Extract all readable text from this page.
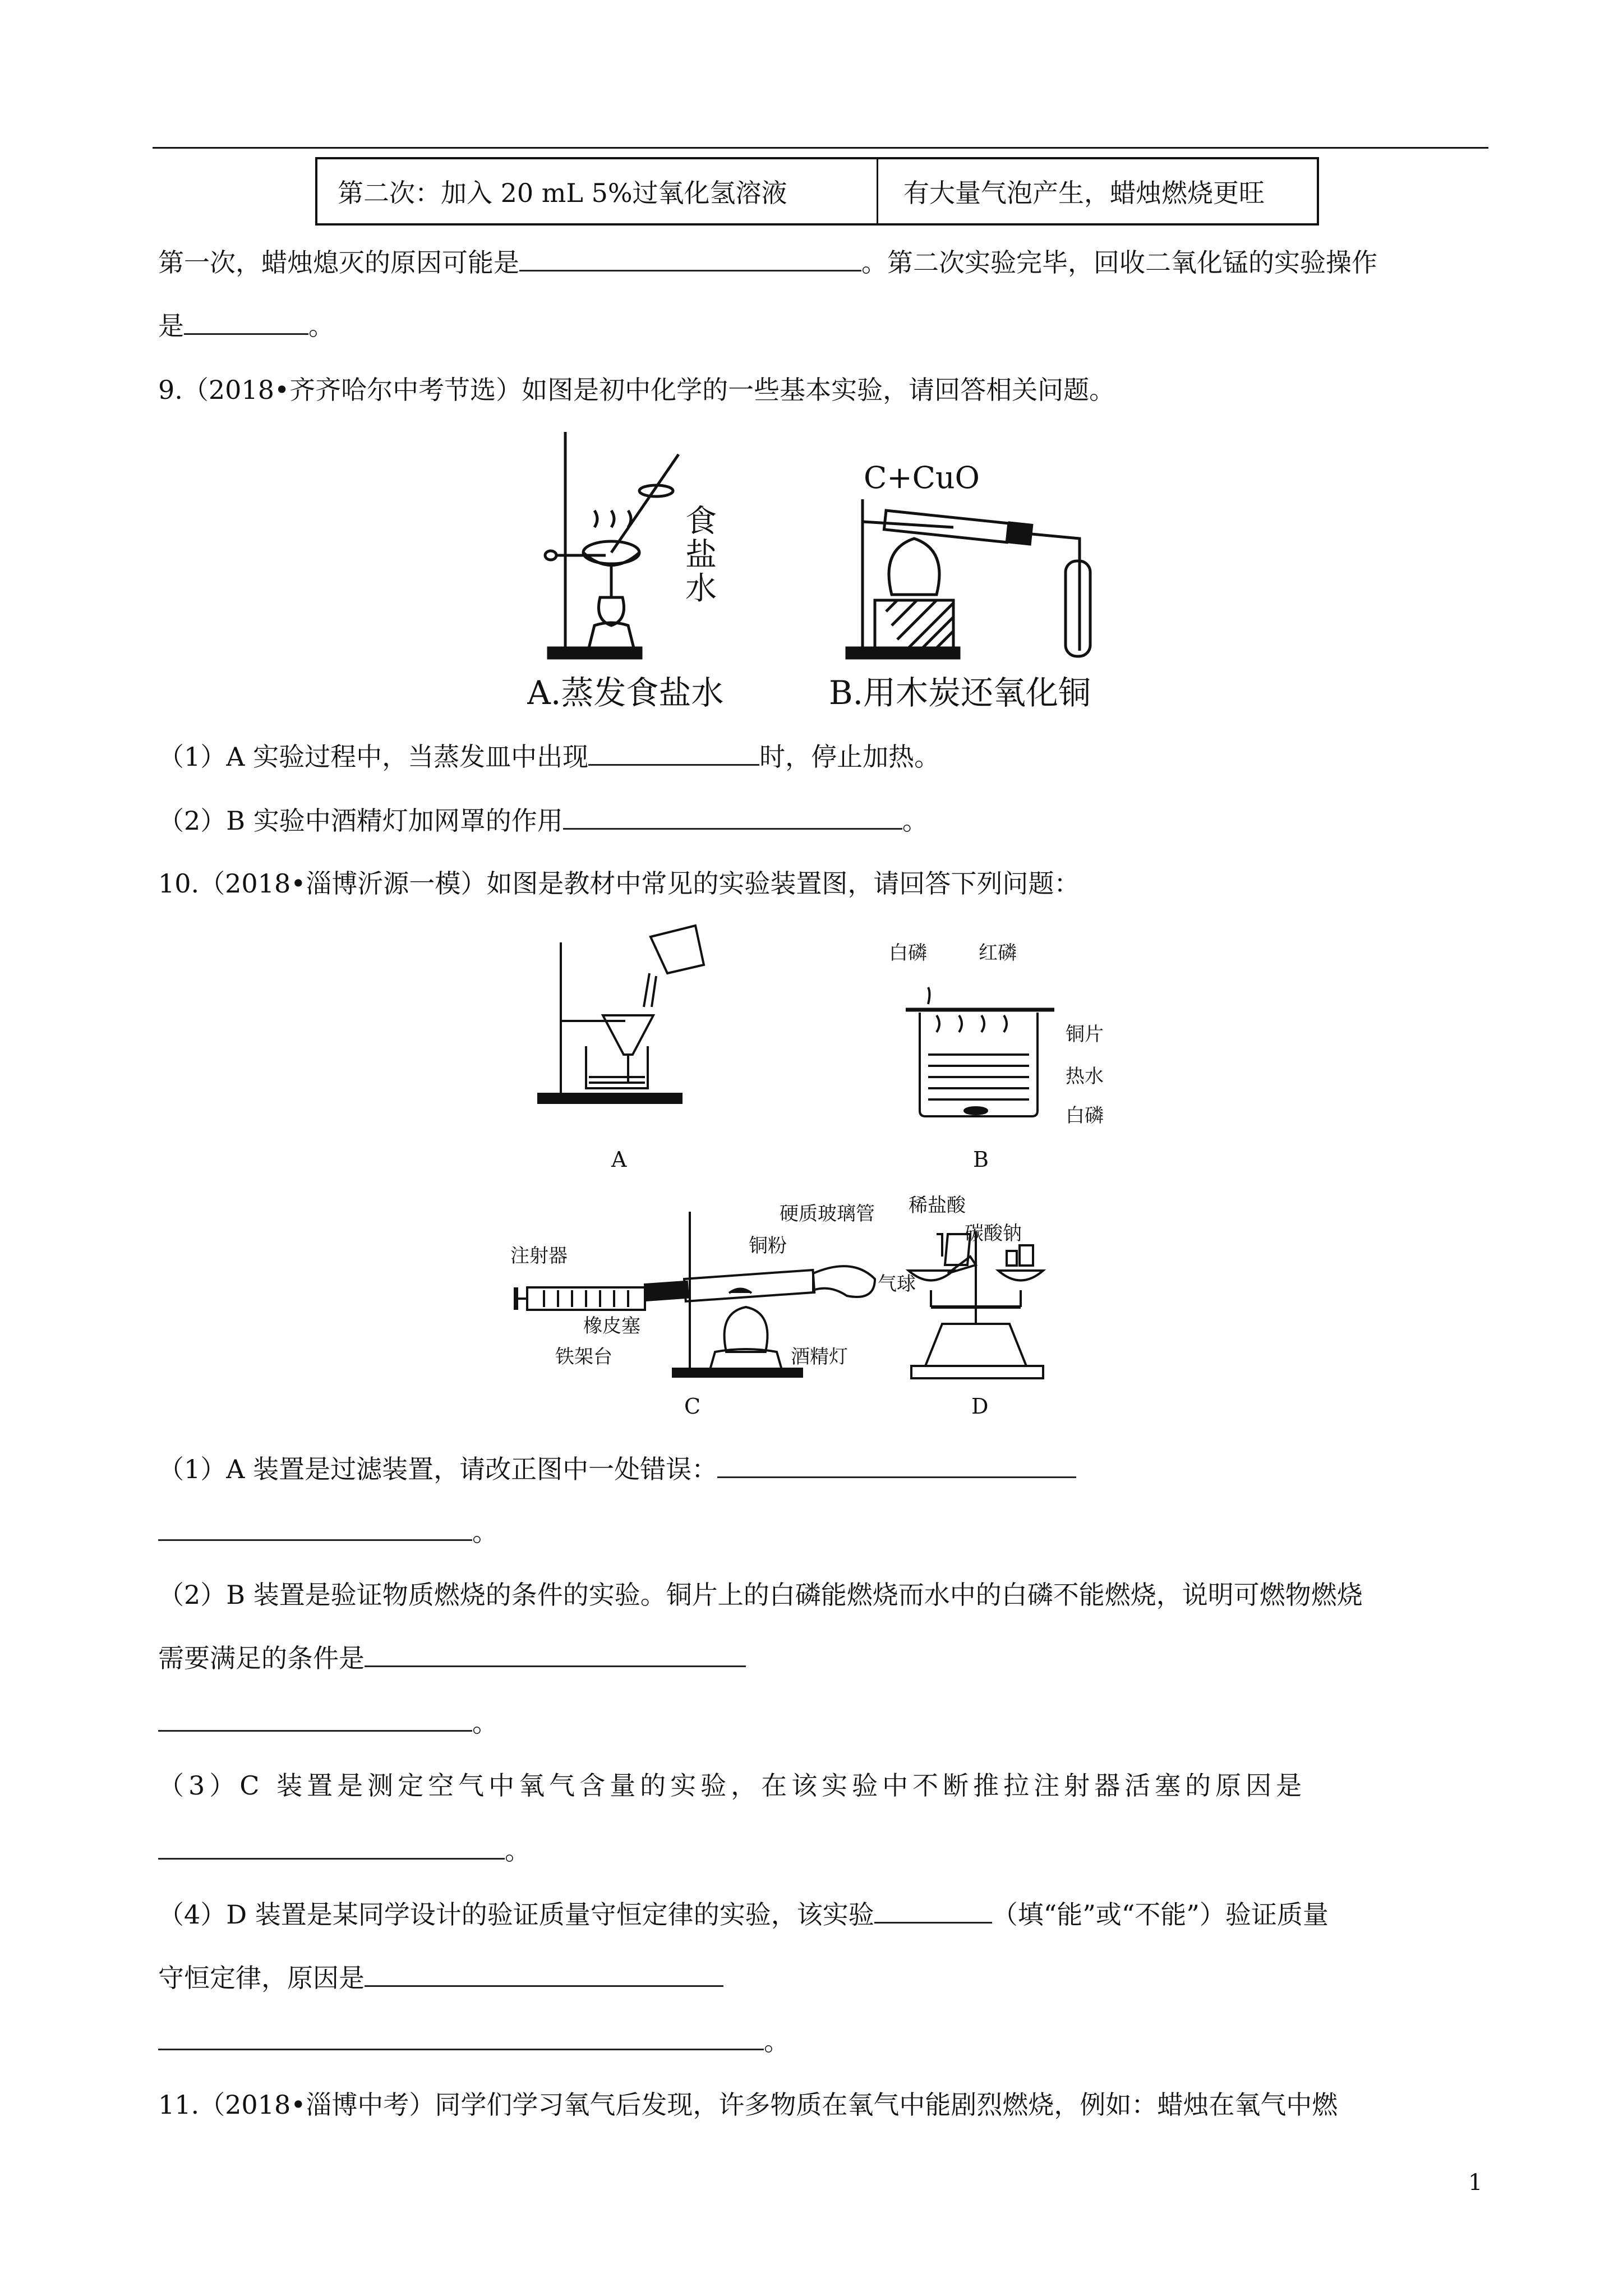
第二次：加入 20 mL 5%过氧化氢溶液	有大量气泡产生，蜡烛燃烧更旺
第一次，蜡烛熄灭的原因可能是	。第二次实验完毕，回收二氧化锰的实验操作
是	。
9.（2018•齐齐哈尔中考节选）如图是初中化学的一些基本实验，请回答相关问题。
食
盐
水
C+CuO
A.蒸发食盐水	B.用木炭还氧化铜
（1）A 实验过程中，当蒸发皿中出现	时，停止加热。
（2）B 实验中酒精灯加网罩的作用	。
10.（2018•淄博沂源一模）如图是教材中常见的实验装置图，请回答下列问题：
A
白磷	红磷
铜片
热水
白磷
B
硬质玻璃管
注射器	铜粉
气球
橡皮塞
铁架台	酒精灯
C
稀盐酸
碳酸钠
D
（1）A 装置是过滤装置，请改正图中一处错误：
。
（2）B 装置是验证物质燃烧的条件的实验。铜片上的白磷能燃烧而水中的白磷不能燃烧，说明可燃物燃烧
需要满足的条件是
。
（3）C 装置是测定空气中氧气含量的实验，在该实验中不断推拉注射器活塞的原因是
。
（4）D 装置是某同学设计的验证质量守恒定律的实验，该实验	（填“能”或“不能”）验证质量
守恒定律，原因是
。
11.（2018•淄博中考）同学们学习氧气后发现，许多物质在氧气中能剧烈燃烧，例如：蜡烛在氧气中燃
1
